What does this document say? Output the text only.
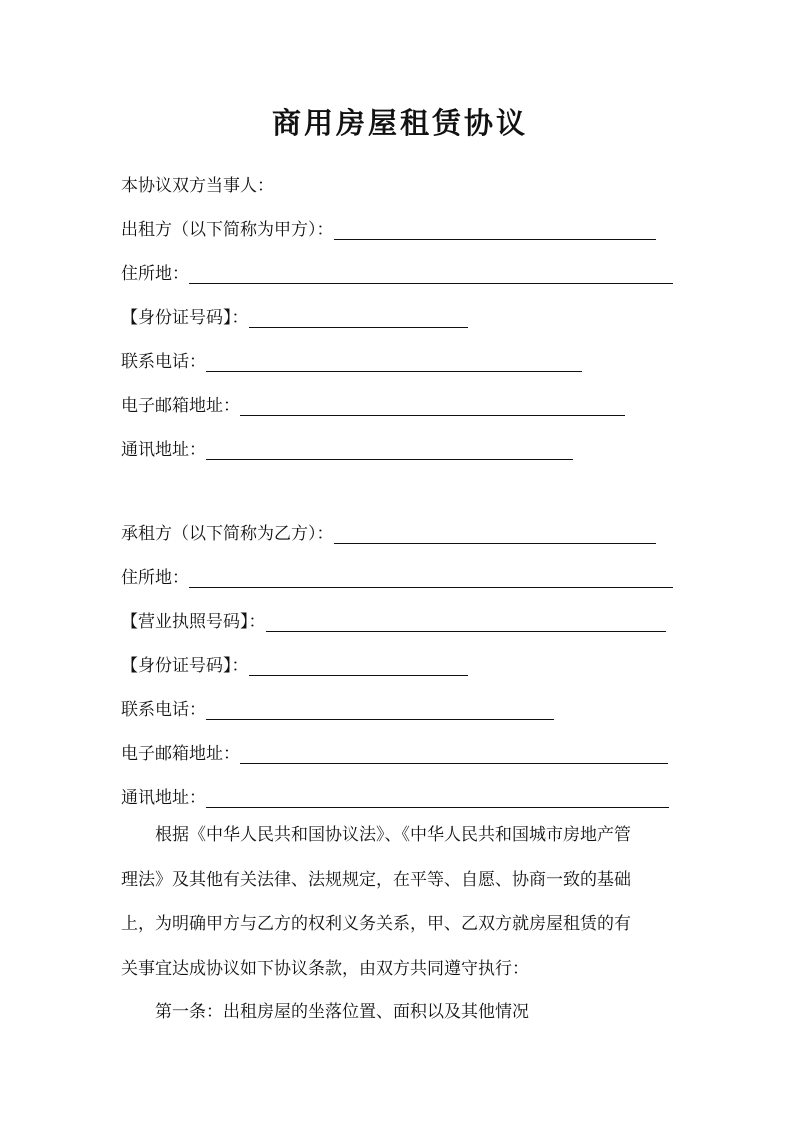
商用房屋租赁协议
本协议双方当事人：
出租方（以下简称为甲方）：
住所地：
【身份证号码】：
联系电话：
电子邮箱地址：
通讯地址：
承租方（以下简称为乙方）：
住所地：
【营业执照号码】：
【身份证号码】：
联系电话：
电子邮箱地址：
通讯地址：

根据《中华人民共和国协议法》、《中华人民共和国城市房地产管

理法》及其他有关法律、法规规定，在平等、自愿、协商一致的基础

上，为明确甲方与乙方的权利义务关系，甲、乙双方就房屋租赁的有

关事宜达成协议如下协议条款，由双方共同遵守执行：

第一条：出租房屋的坐落位置、面积以及其他情况
